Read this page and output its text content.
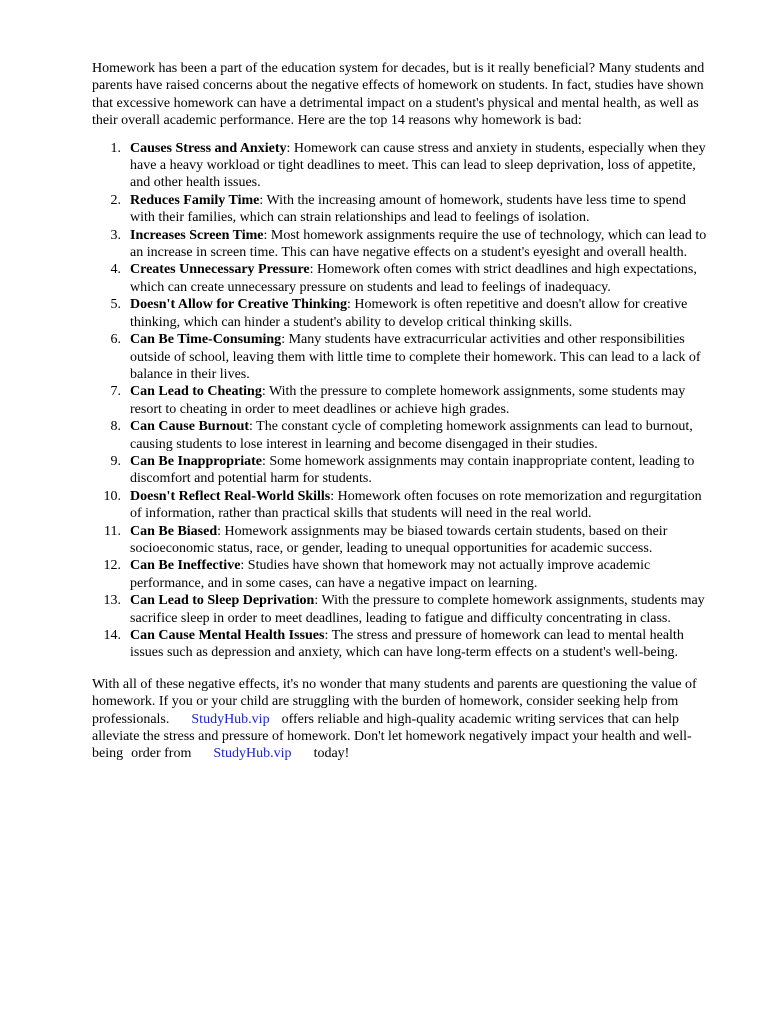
Homework has been a part of the education system for decades, but is it really beneficial? Many students and parents have raised concerns about the negative effects of homework on students. In fact, studies have shown that excessive homework can have a detrimental impact on a student's physical and mental health, as well as their overall academic performance. Here are the top 14 reasons why homework is bad:

1. Causes Stress and Anxiety: Homework can cause stress and anxiety in students, especially when they have a heavy workload or tight deadlines to meet. This can lead to sleep deprivation, loss of appetite, and other health issues.
2. Reduces Family Time: With the increasing amount of homework, students have less time to spend with their families, which can strain relationships and lead to feelings of isolation.
3. Increases Screen Time: Most homework assignments require the use of technology, which can lead to an increase in screen time. This can have negative effects on a student's eyesight and overall health.
4. Creates Unnecessary Pressure: Homework often comes with strict deadlines and high expectations, which can create unnecessary pressure on students and lead to feelings of inadequacy.
5. Doesn't Allow for Creative Thinking: Homework is often repetitive and doesn't allow for creative thinking, which can hinder a student's ability to develop critical thinking skills.
6. Can Be Time-Consuming: Many students have extracurricular activities and other responsibilities outside of school, leaving them with little time to complete their homework. This can lead to a lack of balance in their lives.
7. Can Lead to Cheating: With the pressure to complete homework assignments, some students may resort to cheating in order to meet deadlines or achieve high grades.
8. Can Cause Burnout: The constant cycle of completing homework assignments can lead to burnout, causing students to lose interest in learning and become disengaged in their studies.
9. Can Be Inappropriate: Some homework assignments may contain inappropriate content, leading to discomfort and potential harm for students.
10. Doesn't Reflect Real-World Skills: Homework often focuses on rote memorization and regurgitation of information, rather than practical skills that students will need in the real world.
11. Can Be Biased: Homework assignments may be biased towards certain students, based on their socioeconomic status, race, or gender, leading to unequal opportunities for academic success.
12. Can Be Ineffective: Studies have shown that homework may not actually improve academic performance, and in some cases, can have a negative impact on learning.
13. Can Lead to Sleep Deprivation: With the pressure to complete homework assignments, students may sacrifice sleep in order to meet deadlines, leading to fatigue and difficulty concentrating in class.
14. Can Cause Mental Health Issues: The stress and pressure of homework can lead to mental health issues such as depression and anxiety, which can have long-term effects on a student's well-being.

With all of these negative effects, it's no wonder that many students and parents are questioning the value of homework. If you or your child are struggling with the burden of homework, consider seeking help from professionals. StudyHub.vip offers reliable and high-quality academic writing services that can help alleviate the stress and pressure of homework. Don't let homework negatively impact your health and well-being order from StudyHub.vip today!
